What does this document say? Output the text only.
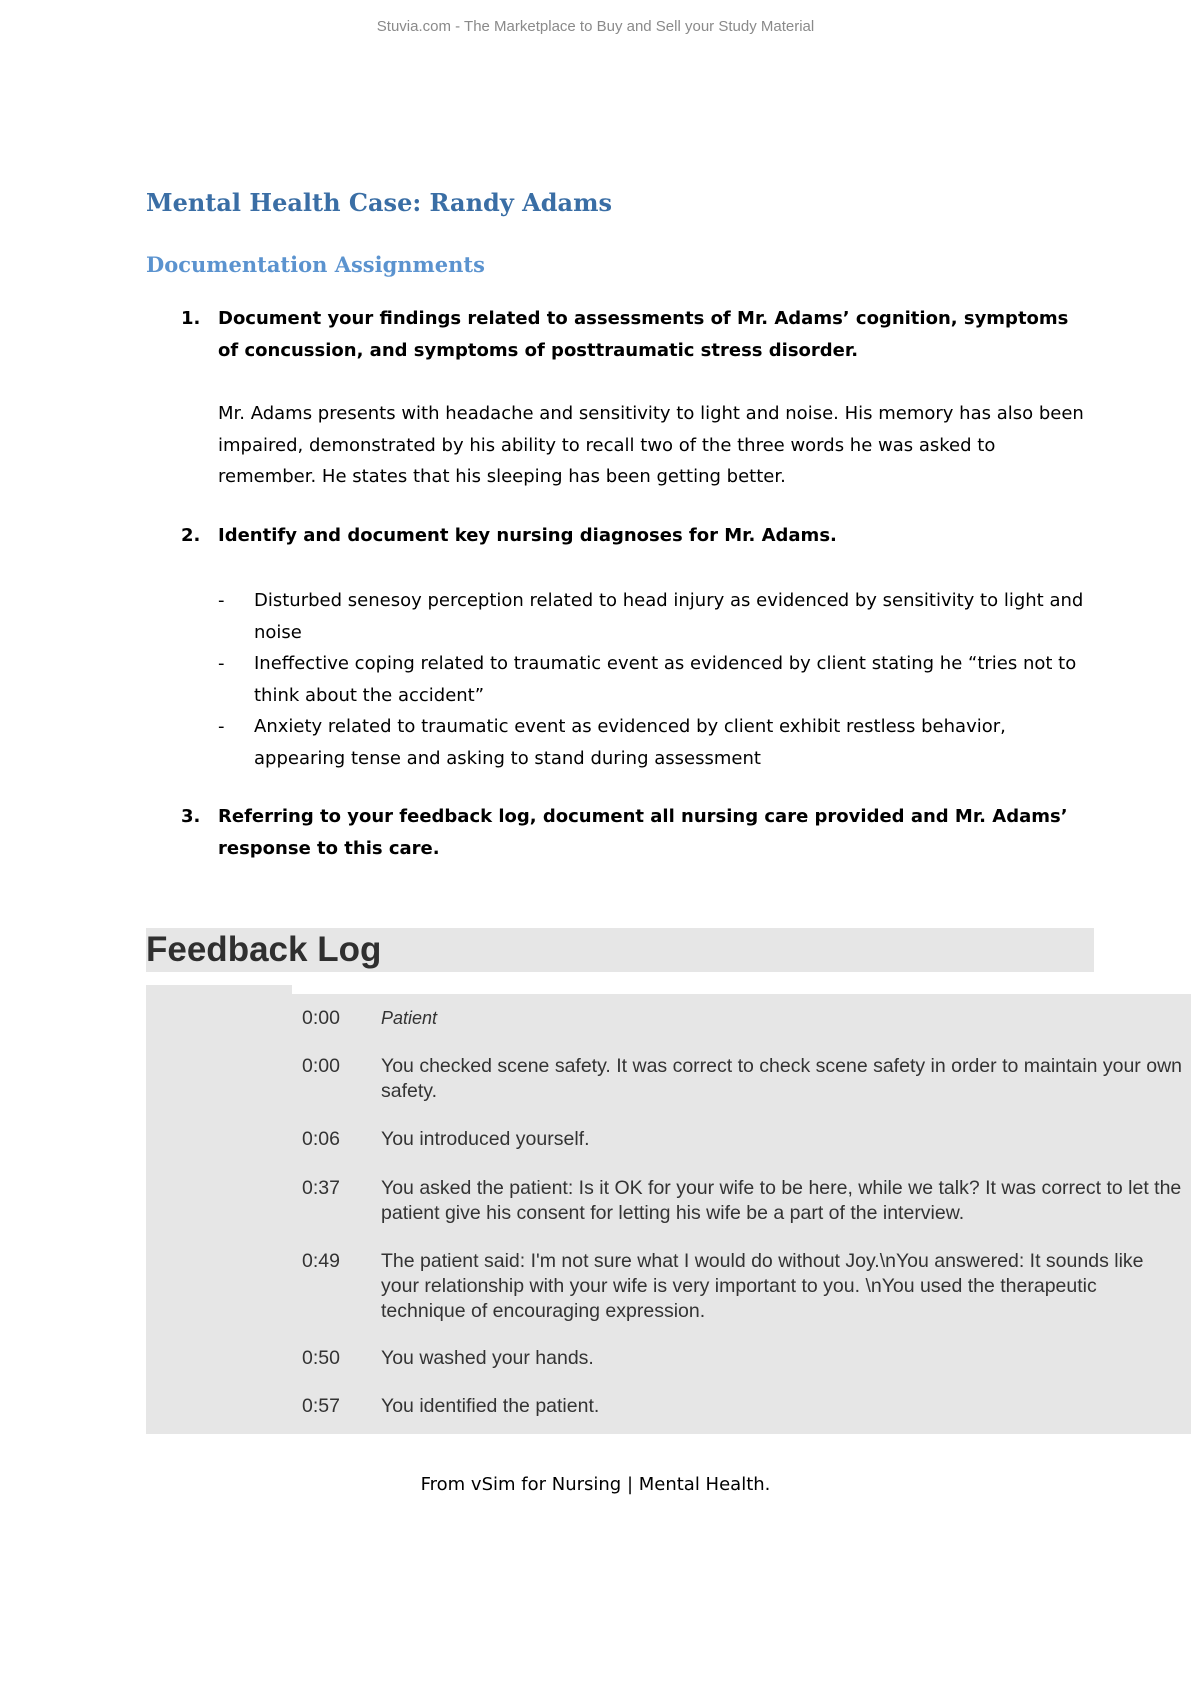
Stuvia.com - The Marketplace to Buy and Sell your Study Material
Mental Health Case: Randy Adams
Documentation Assignments
1. Document your findings related to assessments of Mr. Adams’ cognition, symptoms of concussion, and symptoms of posttraumatic stress disorder.
Mr. Adams presents with headache and sensitivity to light and noise. His memory has also been impaired, demonstrated by his ability to recall two of the three words he was asked to remember. He states that his sleeping has been getting better.
2. Identify and document key nursing diagnoses for Mr. Adams.
- Disturbed senesoy perception related to head injury as evidenced by sensitivity to light and noise
- Ineffective coping related to traumatic event as evidenced by client stating he “tries not to think about the accident”
- Anxiety related to traumatic event as evidenced by client exhibit restless behavior, appearing tense and asking to stand during assessment
3. Referring to your feedback log, document all nursing care provided and Mr. Adams’ response to this care.
Feedback Log
0:00 Patient
0:00 You checked scene safety. It was correct to check scene safety in order to maintain your own safety.
0:06 You introduced yourself.
0:37 You asked the patient: Is it OK for your wife to be here, while we talk? It was correct to let the patient give his consent for letting his wife be a part of the interview.
0:49 The patient said: I'm not sure what I would do without Joy.\nYou answered: It sounds like your relationship with your wife is very important to you. \nYou used the therapeutic technique of encouraging expression.
0:50 You washed your hands.
0:57 You identified the patient.
From vSim for Nursing | Mental Health.
